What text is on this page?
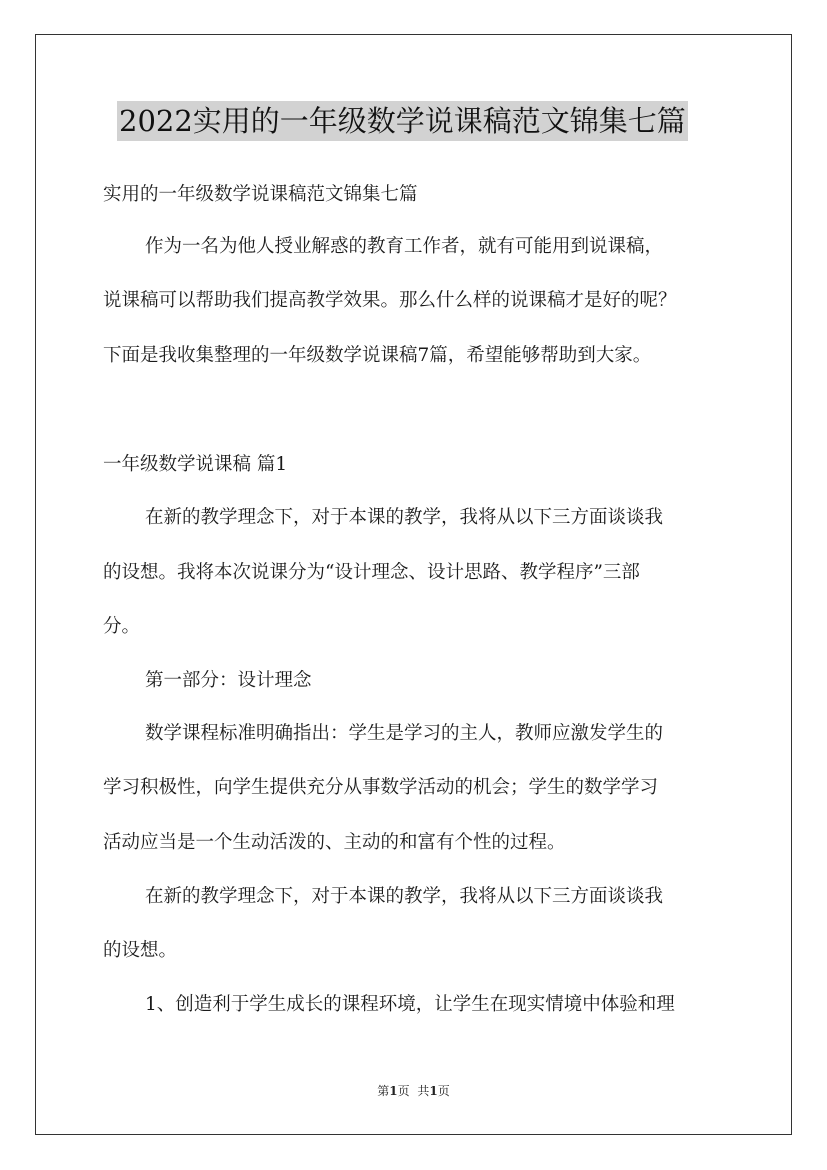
2022实用的一年级数学说课稿范文锦集七篇

实用的一年级数学说课稿范文锦集七篇

作为一名为他人授业解惑的教育工作者，就有可能用到说课稿，

说课稿可以帮助我们提高教学效果。那么什么样的说课稿才是好的呢？

下面是我收集整理的一年级数学说课稿7篇，希望能够帮助到大家。

一年级数学说课稿 篇1

在新的教学理念下，对于本课的教学，我将从以下三方面谈谈我

的设想。我将本次说课分为“设计理念、设计思路、教学程序”三部

分。

第一部分：设计理念

数学课程标准明确指出：学生是学习的主人，教师应激发学生的

学习积极性，向学生提供充分从事数学活动的机会；学生的数学学习

活动应当是一个生动活泼的、主动的和富有个性的过程。

在新的教学理念下，对于本课的教学，我将从以下三方面谈谈我

的设想。

1、创造利于学生成长的课程环境，让学生在现实情境中体验和理

第1页 共1页
